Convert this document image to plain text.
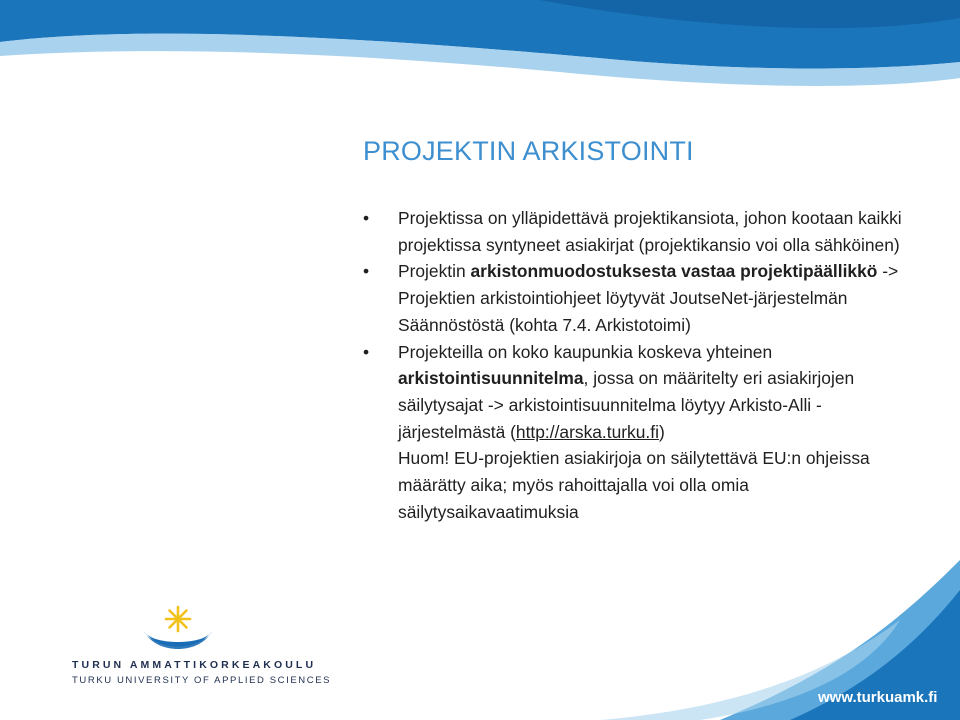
PROJEKTIN ARKISTOINTI
• Projektissa on ylläpidettävä projektikansiota, johon kootaan kaikki projektissa syntyneet asiakirjat (projektikansio voi olla sähköinen)
• Projektin arkistonmuodostuksesta vastaa projektipäällikkö -> Projektien arkistointiohjeet löytyvät JoutseNet-järjestelmän Säännöstöstä (kohta 7.4. Arkistotoimi)
• Projekteilla on koko kaupunkia koskeva yhteinen arkistointisuunnitelma, jossa on määritelty eri asiakirjojen säilytysajat -> arkistointisuunnitelma löytyy Arkisto-Alli -järjestelmästä (http://arska.turku.fi)
Huom! EU-projektien asiakirjoja on säilytettävä EU:n ohjeissa määrätty aika; myös rahoittajalla voi olla omia säilytysaikavaatimuksia
TURUN AMMATTIKORKEAKOULU
TURKU UNIVERSITY OF APPLIED SCIENCES
www.turkuamk.fi
